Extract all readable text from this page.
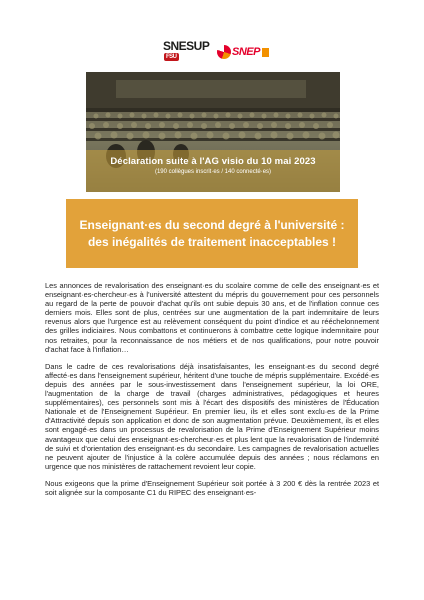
SNESUPFSU	SNEP
Déclaration suite à l'AG visio du 10 mai 2023
(190 collègues inscrit·es / 140 connecté·es)
Enseignant·es du second degré à l'université :
des inégalités de traitement inacceptables !

Les annonces de revalorisation des enseignant·es du scolaire comme de celle des enseignant·es et enseignant·es-chercheur·es à l'université attestent du mépris du gouvernement pour ces personnels au regard de la perte de pouvoir d'achat qu'ils ont subie depuis 30 ans, et de l'inflation connue ces derniers mois. Elles sont de plus, centrées sur une augmentation de la part indemnitaire de leurs revenus alors que l'urgence est au relèvement conséquent du point d'indice et au rééchelonnement des grilles indiciaires. Nous combattons et continuerons à combattre cette logique indemnitaire pour nos retraites, pour la reconnaissance de nos métiers et de nos qualifications, pour notre pouvoir d'achat face à l'inflation…

Dans le cadre de ces revalorisations déjà insatisfaisantes, les enseignant·es du second degré affecté·es dans l'enseignement supérieur, héritent d'une touche de mépris supplémentaire. Excédé·es depuis des années par le sous-investissement dans l'enseignement supérieur, la loi ORE, l'augmentation de la charge de travail (charges administratives, pédagogiques et heures supplémentaires), ces personnels sont mis à l'écart des dispositifs des ministères de l'Éducation Nationale et de l'Enseignement Supérieur. En premier lieu, ils et elles sont exclu·es de la Prime d'Attractivité depuis son application et donc de son augmentation prévue. Deuxièmement, ils et elles sont engagé·es dans un processus de revalorisation de la Prime d'Enseignement Supérieur moins avantageux que celui des enseignant·es-chercheur·es et plus lent que la revalorisation de l'indemnité de suivi et d'orientation des enseignant·es du secondaire. Les campagnes de revalorisation actuelles ne peuvent ajouter de l'injustice à la colère accumulée depuis des années ; nous réclamons en urgence que nos ministères de rattachement revoient leur copie.

Nous exigeons que la prime d'Enseignement Supérieur soit portée à 3 200 € dès la rentrée 2023 et soit alignée sur la composante C1 du RIPEC des enseignant·es-
